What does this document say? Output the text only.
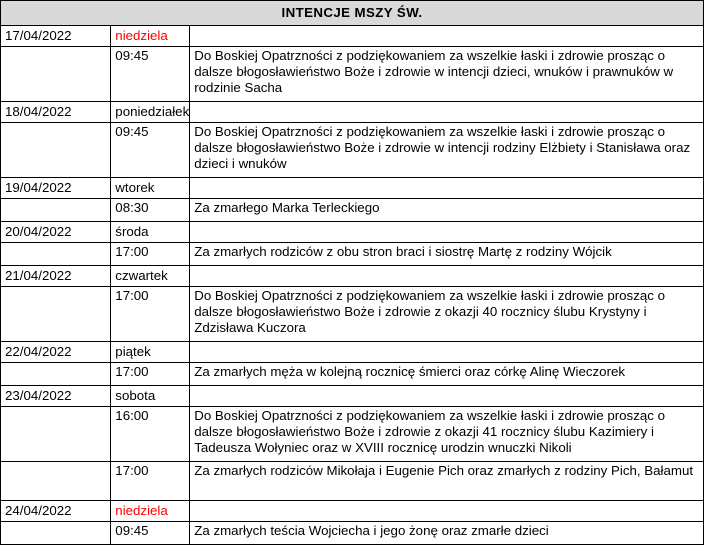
INTENCJE MSZY ŚW.		
17/04/2022	niedziela	
	09:45	Do Boskiej Opatrzności z podziękowaniem za wszelkie łaski i zdrowie prosząc o dalsze błogosławieństwo Boże i zdrowie w intencji dzieci, wnuków i prawnuków w rodzinie Sacha
18/04/2022	poniedziałek	
	09:45	Do Boskiej Opatrzności z podziękowaniem za wszelkie łaski i zdrowie prosząc o dalsze błogosławieństwo Boże i zdrowie w intencji rodziny Elżbiety i Stanisława oraz dzieci i wnuków
19/04/2022	wtorek	
	08:30	Za zmarłego Marka Terleckiego
20/04/2022	środa	
	17:00	Za zmarłych rodziców z obu stron braci i siostrę Martę z rodziny Wójcik
21/04/2022	czwartek	
	17:00	Do Boskiej Opatrzności z podziękowaniem za wszelkie łaski i zdrowie prosząc o dalsze błogosławieństwo Boże i zdrowie z okazji 40 rocznicy ślubu Krystyny i Zdzisława Kuczora
22/04/2022	piątek	
	17:00	Za zmarłych męża w kolejną rocznicę śmierci oraz córkę Alinę Wieczorek
23/04/2022	sobota	
	16:00	Do Boskiej Opatrzności z podziękowaniem za wszelkie łaski i zdrowie prosząc o dalsze błogosławieństwo Boże i zdrowie z okazji 41 rocznicy ślubu Kazimiery i Tadeusza Wołyniec oraz w XVIII rocznicę urodzin wnuczki Nikoli
	17:00	Za zmarłych rodziców Mikołaja i Eugenie Pich oraz zmarłych z rodziny Pich, Bałamut
24/04/2022	niedziela	
	09:45	Za zmarłych teścia Wojciecha i jego żonę oraz zmarłe dzieci
